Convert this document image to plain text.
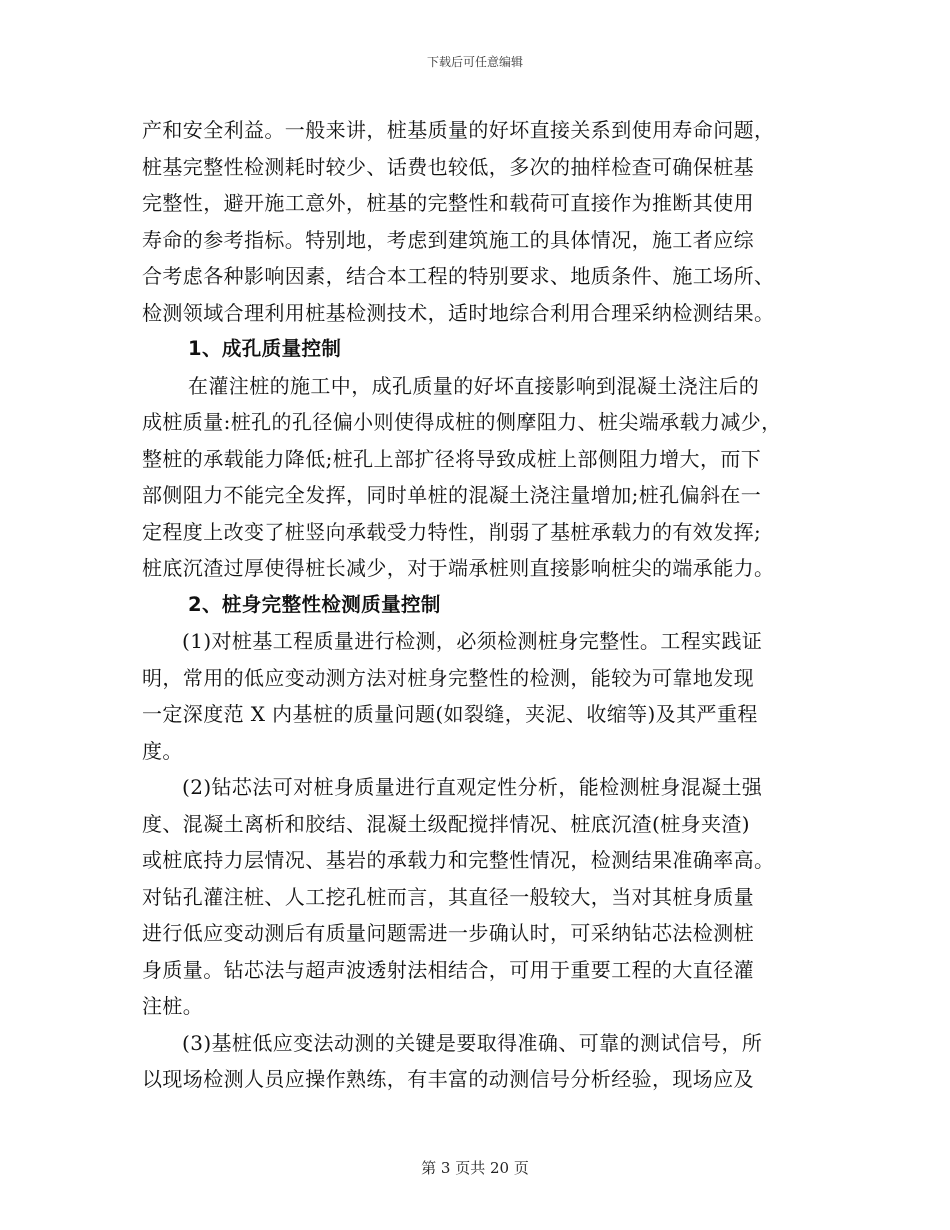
下载后可任意编辑
产和安全利益。一般来讲，桩基质量的好坏直接关系到使用寿命问题，
桩基完整性检测耗时较少、话费也较低，多次的抽样检查可确保桩基
完整性，避开施工意外，桩基的完整性和载荷可直接作为推断其使用
寿命的参考指标。特别地，考虑到建筑施工的具体情况，施工者应综
合考虑各种影响因素，结合本工程的特别要求、地质条件、施工场所、
检测领域合理利用桩基检测技术，适时地综合利用合理采纳检测结果。
1、成孔质量控制
在灌注桩的施工中，成孔质量的好坏直接影响到混凝土浇注后的
成桩质量:桩孔的孔径偏小则使得成桩的侧摩阻力、桩尖端承载力减少，
整桩的承载能力降低;桩孔上部扩径将导致成桩上部侧阻力增大，而下
部侧阻力不能完全发挥，同时单桩的混凝土浇注量增加;桩孔偏斜在一
定程度上改变了桩竖向承载受力特性，削弱了基桩承载力的有效发挥;
桩底沉渣过厚使得桩长减少，对于端承桩则直接影响桩尖的端承能力。
2、桩身完整性检测质量控制
(1)对桩基工程质量进行检测，必须检测桩身完整性。工程实践证
明，常用的低应变动测方法对桩身完整性的检测，能较为可靠地发现
一定深度范 X 内基桩的质量问题(如裂缝，夹泥、收缩等)及其严重程
度。
(2)钻芯法可对桩身质量进行直观定性分析，能检测桩身混凝土强
度、混凝土离析和胶结、混凝土级配搅拌情况、桩底沉渣(桩身夹渣)
或桩底持力层情况、基岩的承载力和完整性情况，检测结果准确率高。
对钻孔灌注桩、人工挖孔桩而言，其直径一般较大，当对其桩身质量
进行低应变动测后有质量问题需进一步确认时，可采纳钻芯法检测桩
身质量。钻芯法与超声波透射法相结合，可用于重要工程的大直径灌
注桩。
(3)基桩低应变法动测的关键是要取得准确、可靠的测试信号，所
以现场检测人员应操作熟练，有丰富的动测信号分析经验，现场应及
第 3 页共 20 页
